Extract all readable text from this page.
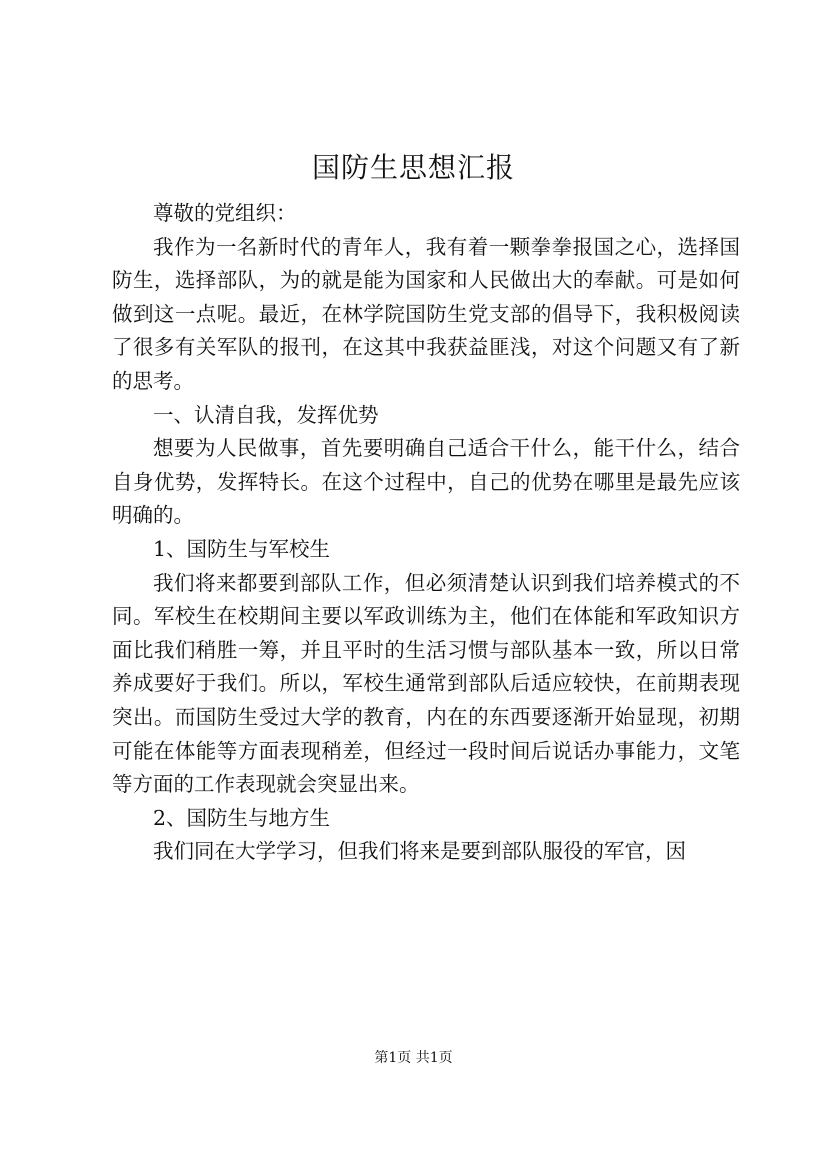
国防生思想汇报

尊敬的党组织：

我作为一名新时代的青年人，我有着一颗拳拳报国之心，选择国防生，选择部队，为的就是能为国家和人民做出大的奉献。可是如何做到这一点呢。最近，在林学院国防生党支部的倡导下，我积极阅读了很多有关军队的报刊，在这其中我获益匪浅，对这个问题又有了新的思考。

一、认清自我，发挥优势

想要为人民做事，首先要明确自己适合干什么，能干什么，结合自身优势，发挥特长。在这个过程中，自己的优势在哪里是最先应该明确的。

1、国防生与军校生

我们将来都要到部队工作，但必须清楚认识到我们培养模式的不同。军校生在校期间主要以军政训练为主，他们在体能和军政知识方面比我们稍胜一筹，并且平时的生活习惯与部队基本一致，所以日常养成要好于我们。所以，军校生通常到部队后适应较快，在前期表现突出。而国防生受过大学的教育，内在的东西要逐渐开始显现，初期可能在体能等方面表现稍差，但经过一段时间后说话办事能力，文笔等方面的工作表现就会突显出来。

2、国防生与地方生

我们同在大学学习，但我们将来是要到部队服役的军官，因

第1页 共1页
